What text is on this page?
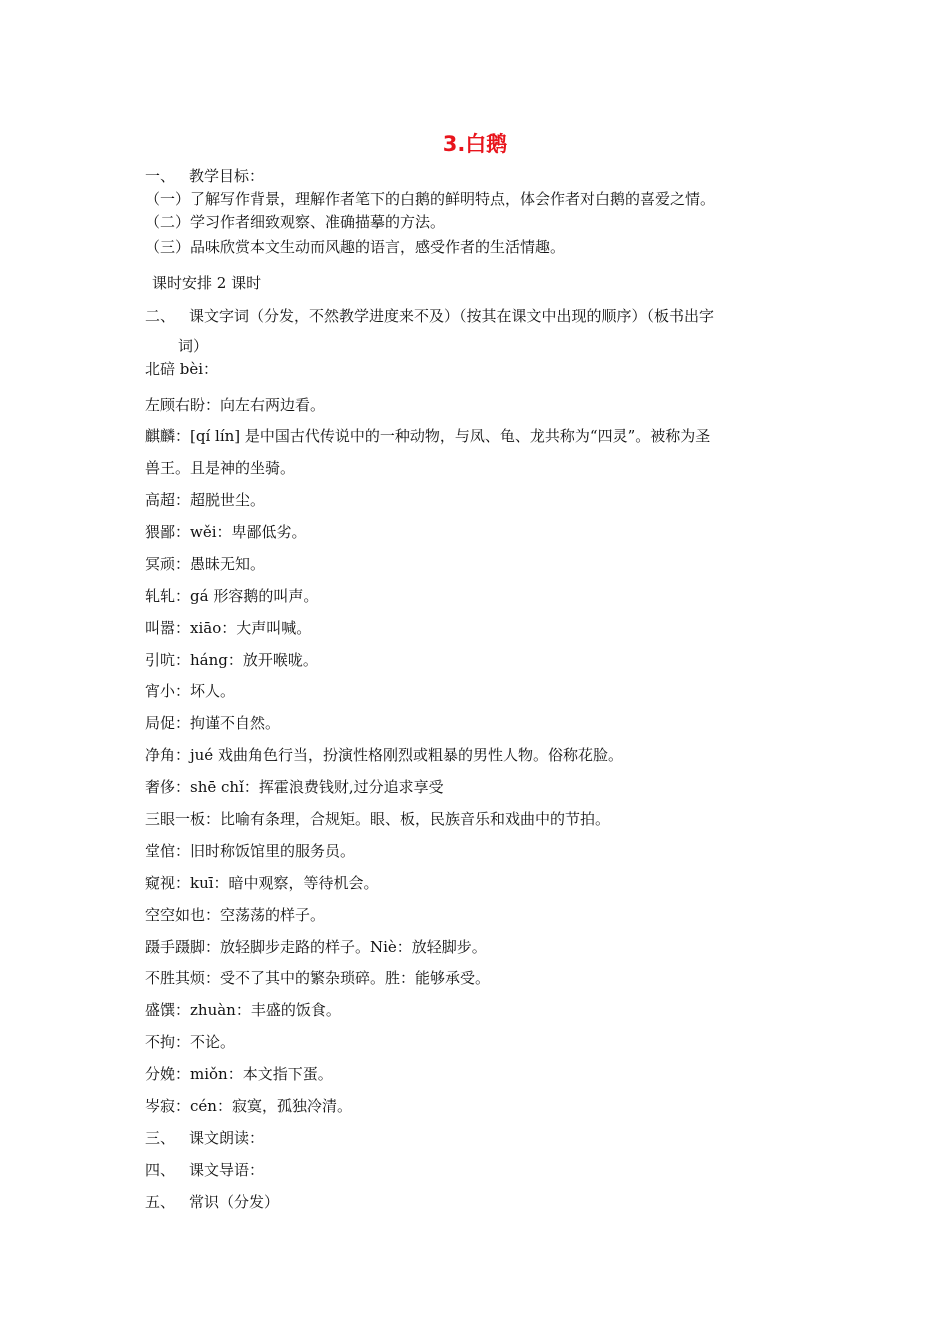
3.白鹅
一、 教学目标：
（一）了解写作背景，理解作者笔下的白鹅的鲜明特点，体会作者对白鹅的喜爱之情。
（二）学习作者细致观察、准确描摹的方法。
（三）品味欣赏本文生动而风趣的语言，感受作者的生活情趣。
课时安排 2 课时
二、 课文字词（分发，不然教学进度来不及）（按其在课文中出现的顺序）（板书出字
词）
北碚 bèi：
左顾右盼：向左右两边看。
麒麟：[qí lín] 是中国古代传说中的一种动物，与凤、龟、龙共称为“四灵”。被称为圣
兽王。且是神的坐骑。
高超：超脱世尘。
猥鄙：wěi：卑鄙低劣。
冥顽：愚昧无知。
轧轧：gá 形容鹅的叫声。
叫嚣：xiāo：大声叫喊。
引吭：háng：放开喉咙。
宵小：坏人。
局促：拘谨不自然。
净角：jué 戏曲角色行当，扮演性格刚烈或粗暴的男性人物。俗称花脸。
奢侈：shē chǐ：挥霍浪费钱财,过分追求享受
三眼一板：比喻有条理，合规矩。眼、板，民族音乐和戏曲中的节拍。
堂倌：旧时称饭馆里的服务员。
窥视：kuī：暗中观察，等待机会。
空空如也：空荡荡的样子。
蹑手蹑脚：放轻脚步走路的样子。Niè：放轻脚步。
不胜其烦：受不了其中的繁杂琐碎。胜：能够承受。
盛馔：zhuàn：丰盛的饭食。
不拘：不论。
分娩：miǒn：本文指下蛋。
岑寂：cén：寂寞，孤独冷清。
三、 课文朗读：
四、 课文导语：
五、 常识（分发）
